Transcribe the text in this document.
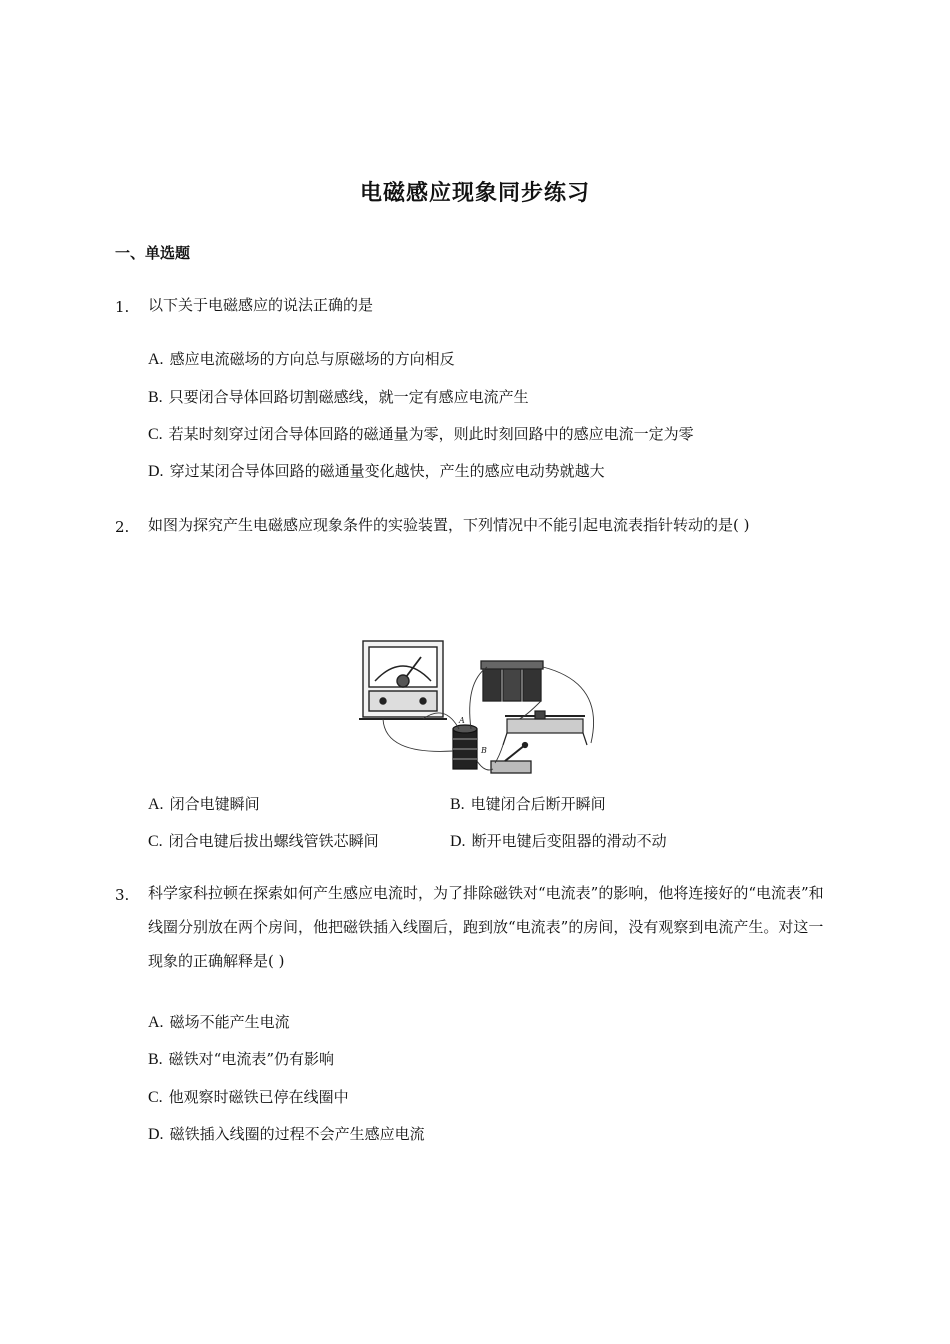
电磁感应现象同步练习
一、单选题
1. 以下关于电磁感应的说法正确的是
A. 感应电流磁场的方向总与原磁场的方向相反
B. 只要闭合导体回路切割磁感线，就一定有感应电流产生
C. 若某时刻穿过闭合导体回路的磁通量为零，则此时刻回路中的感应电流一定为零
D. 穿过某闭合导体回路的磁通量变化越快，产生的感应电动势就越大
2. 如图为探究产生电磁感应现象条件的实验装置，下列情况中不能引起电流表指针转动的是( )
A
B
A. 闭合电键瞬间	B. 电键闭合后断开瞬间
C. 闭合电键后拔出螺线管铁芯瞬间	D. 断开电键后变阻器的滑动不动
3. 科学家科拉顿在探索如何产生感应电流时，为了排除磁铁对“电流表”的影响，他将连接好的“电流表”和线圈分别放在两个房间，他把磁铁插入线圈后，跑到放“电流表”的房间，没有观察到电流产生。对这一现象的正确解释是( )
A. 磁场不能产生电流
B. 磁铁对“电流表”仍有影响
C. 他观察时磁铁已停在线圈中
D. 磁铁插入线圈的过程不会产生感应电流
